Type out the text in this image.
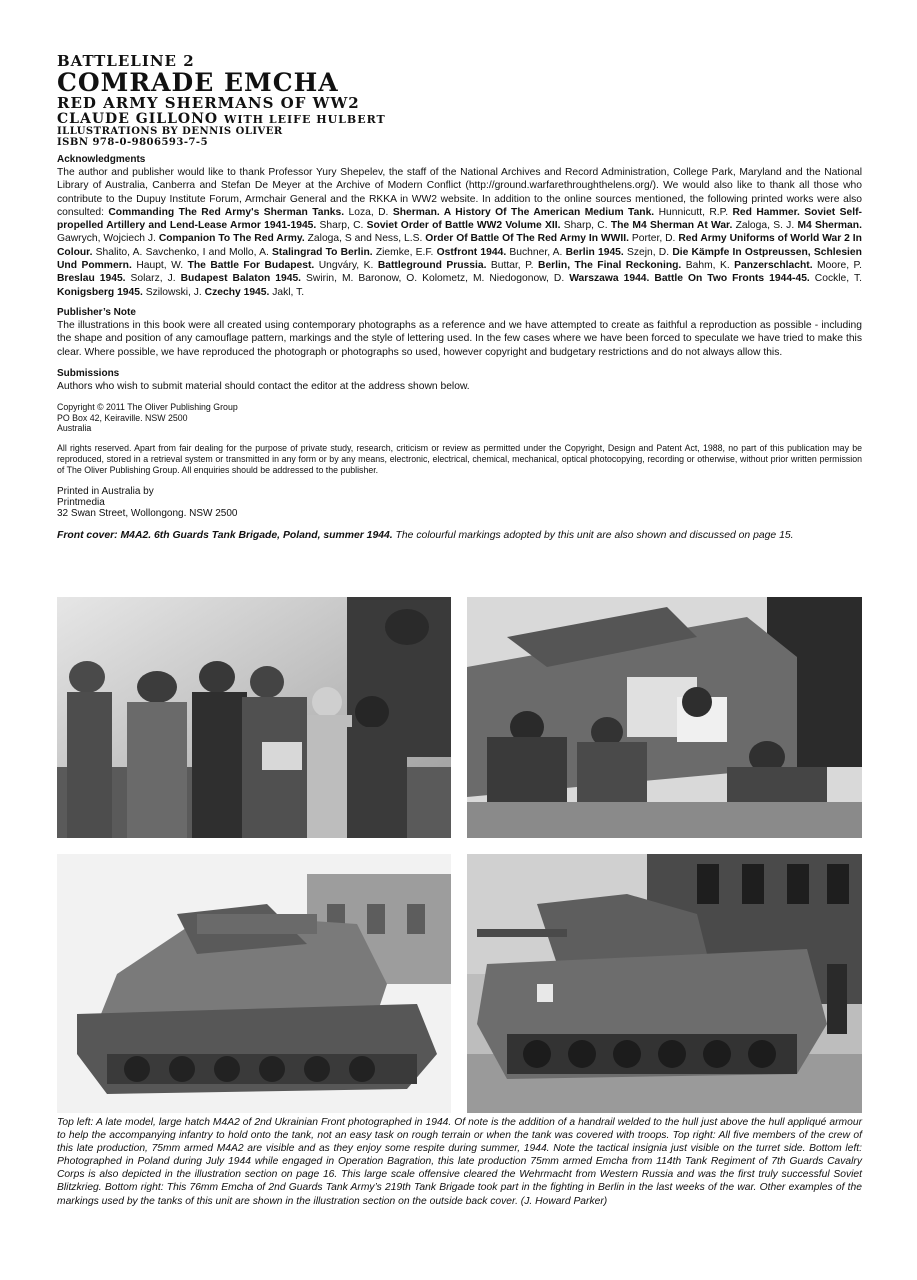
BATTLELINE 2
COMRADE EMCHA
RED ARMY SHERMANS OF WW2
CLAUDE GILLONO WITH LEIFE HULBERT
ILLUSTRATIONS BY DENNIS OLIVER
ISBN 978-0-9806593-7-5

Acknowledgments

The author and publisher would like to thank Professor Yury Shepelev, the staff of the National Archives and Record Administration, College Park, Maryland and the National Library of Australia, Canberra and Stefan De Meyer at the Archive of Modern Conflict (http://ground.warfarethroughthelens.org/). We would also like to thank all those who contribute to the Dupuy Institute Forum, Armchair General and the RKKA in WW2 website. In addition to the online sources mentioned, the following printed works were also consulted: Commanding The Red Army's Sherman Tanks. Loza, D. Sherman. A History Of The American Medium Tank. Hunnicutt, R.P. Red Hammer. Soviet Self-propelled Artillery and Lend-Lease Armor 1941-1945. Sharp, C. Soviet Order of Battle WW2 Volume XII. Sharp, C. The M4 Sherman At War. Zaloga, S. J. M4 Sherman. Gawrych, Wojciech J. Companion To The Red Army. Zaloga, S and Ness, L.S. Order Of Battle Of The Red Army In WWII. Porter, D. Red Army Uniforms of World War 2 In Colour. Shalito, A. Savchenko, I and Mollo, A. Stalingrad To Berlin. Ziemke, E.F. Ostfront 1944. Buchner, A. Berlin 1945. Szejn, D. Die Kämpfe In Ostpreussen, Schlesien Und Pommern. Haupt, W. The Battle For Budapest. Ungváry, K. Battleground Prussia. Buttar, P. Berlin, The Final Reckoning. Bahm, K. Panzerschlacht. Moore, P. Breslau 1945. Solarz, J. Budapest Balaton 1945. Swirin, M. Baronow, O. Kolometz, M. Niedogonow, D. Warszawa 1944. Battle On Two Fronts 1944-45. Cockle, T. Konigsberg 1945. Szilowski, J. Czechy 1945. Jakl, T.

Publisher’s Note

The illustrations in this book were all created using contemporary photographs as a reference and we have attempted to create as faithful a reproduction as possible - including the shape and position of any camouflage pattern, markings and the style of lettering used. In the few cases where we have been forced to speculate we have tried to make this clear. Where possible, we have reproduced the photograph or photographs so used, however copyright and budgetary restrictions and do not always allow this.

Submissions

Authors who wish to submit material should contact the editor at the address shown below.

Copyright © 2011 The Oliver Publishing Group

PO Box 42, Keiraville. NSW 2500

Australia

All rights reserved. Apart from fair dealing for the purpose of private study, research, criticism or review as permitted under the Copyright, Design and Patent Act, 1988, no part of this publication may be reproduced, stored in a retrieval system or transmitted in any form or by any means, electronic, electrical, chemical, mechanical, optical photocopying, recording or otherwise, without prior written permission of The Oliver Publishing Group. All enquiries should be addressed to the publisher.

Printed in Australia by

Printmedia

32 Swan Street, Wollongong. NSW 2500

Front cover: M4A2. 6th Guards Tank Brigade, Poland, summer 1944. The colourful markings adopted by this unit are also shown and discussed on page 15.

Top left: A late model, large hatch M4A2 of 2nd Ukrainian Front photographed in 1944. Of note is the addition of a handrail welded to the hull just above the hull appliqué armour to help the accompanying infantry to hold onto the tank, not an easy task on rough terrain or when the tank was covered with troops. Top right: All five members of the crew of this late production, 75mm armed M4A2 are visible and as they enjoy some respite during summer, 1944. Note the tactical insignia just visible on the turret side. Bottom left: Photographed in Poland during July 1944 while engaged in Operation Bagration, this late production 75mm armed Emcha from 114th Tank Regiment of 7th Guards Cavalry Corps is also depicted in the illustration section on page 16. This large scale offensive cleared the Wehrmacht from Western Russia and was the first truly successful Soviet Blitzkrieg. Bottom right: This 76mm Emcha of 2nd Guards Tank Army’s 219th Tank Brigade took part in the fighting in Berlin in the last weeks of the war. Other examples of the markings used by the tanks of this unit are shown in the illustration section on the outside back cover. (J. Howard Parker)
